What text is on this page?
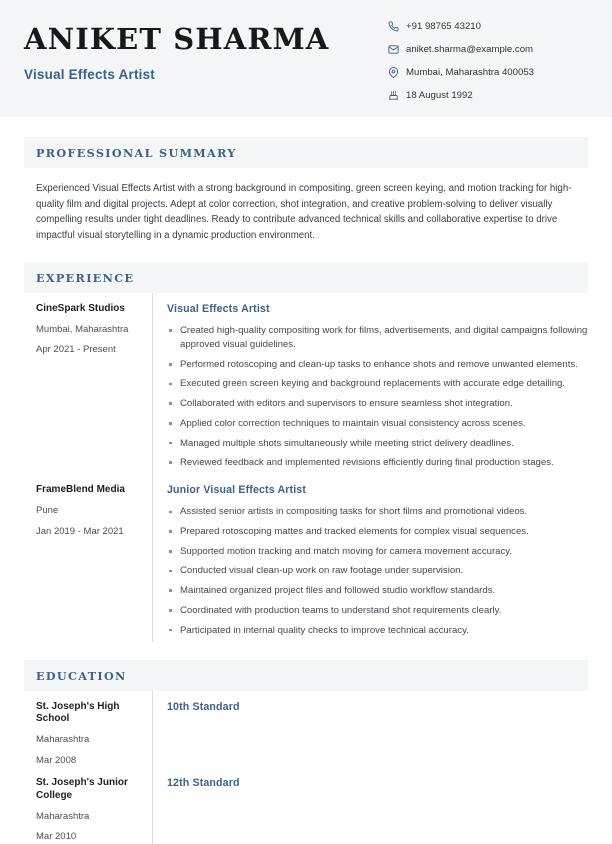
ANIKET SHARMA
Visual Effects Artist
+91 98765 43210
aniket.sharma@example.com
Mumbai, Maharashtra 400053
18 August 1992
PROFESSIONAL SUMMARY

Experienced Visual Effects Artist with a strong background in compositing, green screen keying, and motion tracking for high-quality film and digital projects. Adept at color correction, shot integration, and creative problem-solving to deliver visually compelling results under tight deadlines. Ready to contribute advanced technical skills and collaborative expertise to drive impactful visual storytelling in a dynamic production environment.

EXPERIENCE
CineSpark Studios
Mumbai, Maharashtra
Apr 2021 - Present
Visual Effects Artist
Created high-quality compositing work for films, advertisements, and digital campaigns following approved visual guidelines.
Performed rotoscoping and clean-up tasks to enhance shots and remove unwanted elements.
Executed green screen keying and background replacements with accurate edge detailing.
Collaborated with editors and supervisors to ensure seamless shot integration.
Applied color correction techniques to maintain visual consistency across scenes.
Managed multiple shots simultaneously while meeting strict delivery deadlines.
Reviewed feedback and implemented revisions efficiently during final production stages.
FrameBlend Media
Pune
Jan 2019 - Mar 2021
Junior Visual Effects Artist
Assisted senior artists in compositing tasks for short films and promotional videos.
Prepared rotoscoping mattes and tracked elements for complex visual sequences.
Supported motion tracking and match moving for camera movement accuracy.
Conducted visual clean-up work on raw footage under supervision.
Maintained organized project files and followed studio workflow standards.
Coordinated with production teams to understand shot requirements clearly.
Participated in internal quality checks to improve technical accuracy.
EDUCATION
St. Joseph's High School
Maharashtra
Mar 2008
10th Standard
St. Joseph's Junior College
Maharashtra
Mar 2010
12th Standard
